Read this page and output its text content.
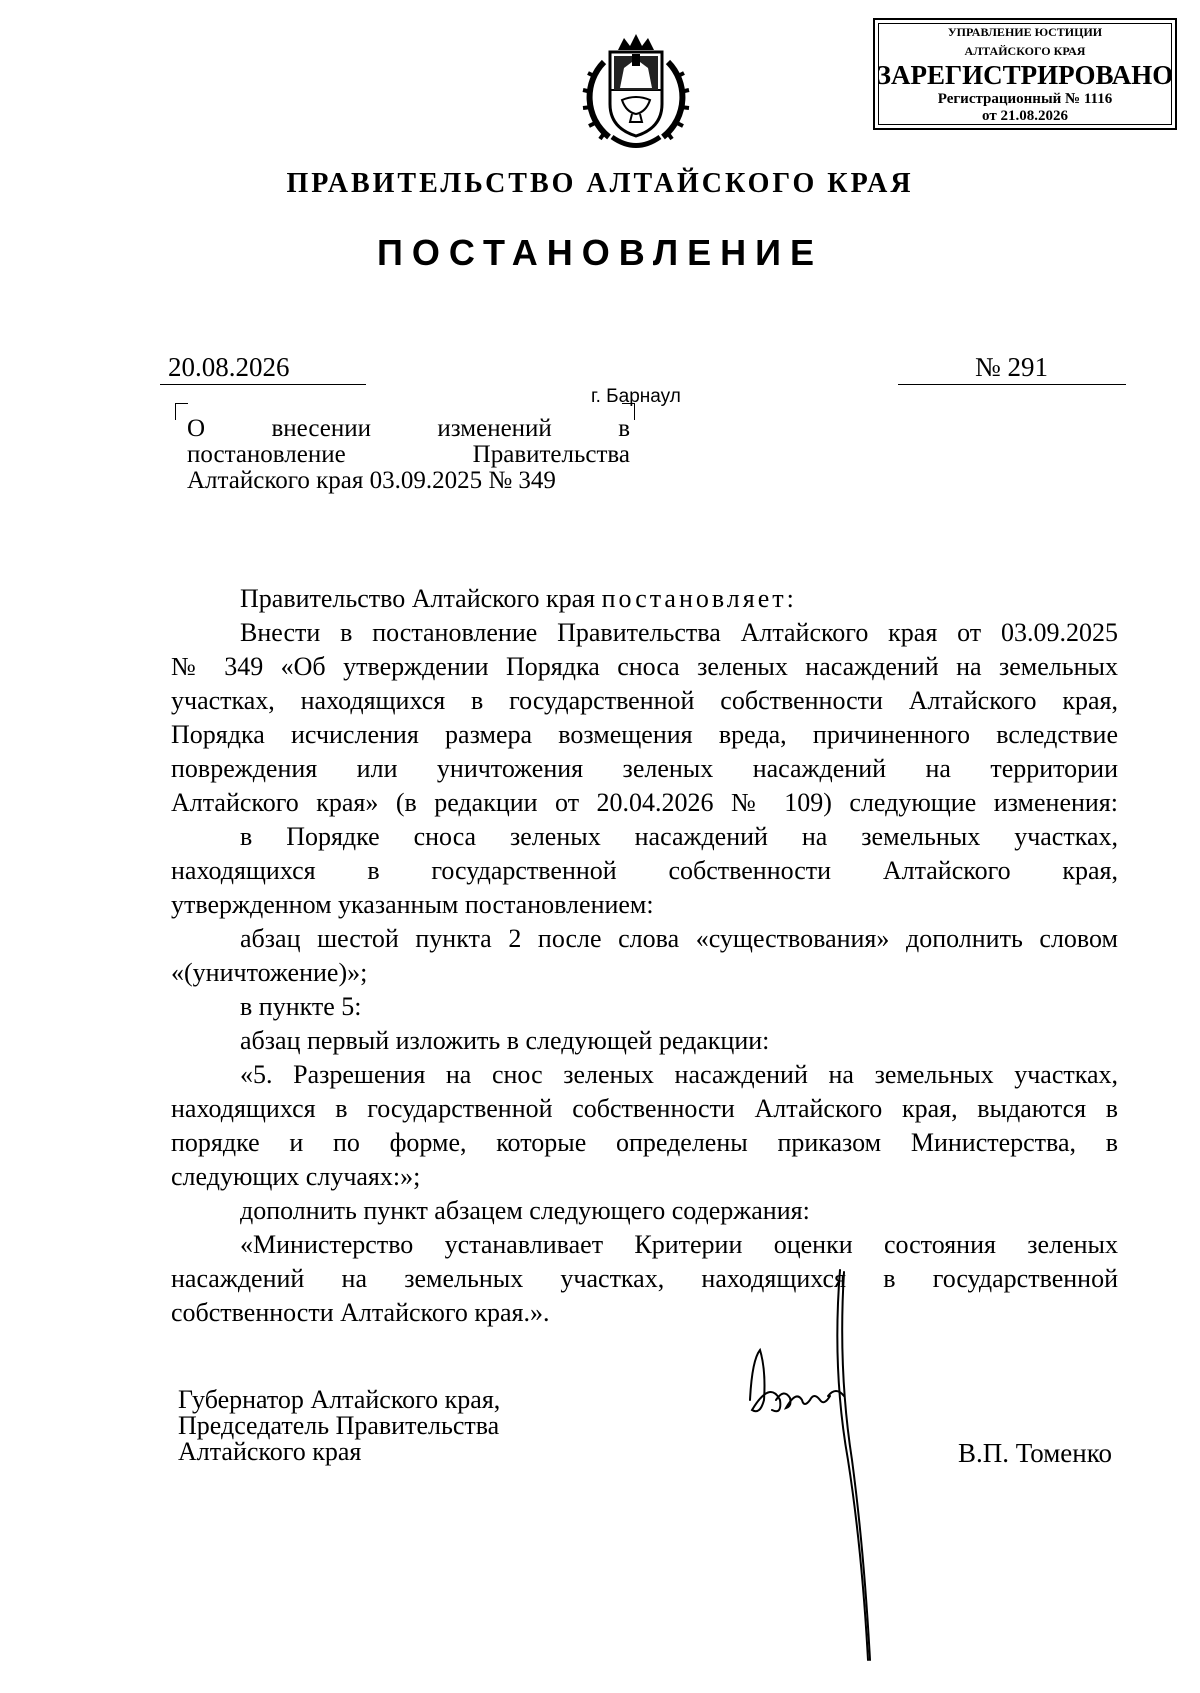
УПРАВЛЕНИЕ ЮСТИЦИИ
АЛТАЙСКОГО КРАЯ
ЗАРЕГИСТРИРОВАНО
Регистрационный № 1116
от 21.08.2026
ПРАВИТЕЛЬСТВО АЛТАЙСКОГО КРАЯ
ПОСТАНОВЛЕНИЕ
20.08.2026	№ 291
г. Барнаул
О внесении изменений в
постановление Правительства
Алтайского края 03.09.2025 № 349
Правительство Алтайского края постановляет:
Внести в постановление Правительства Алтайского края от 03.09.2025
№ 349 «Об утверждении Порядка сноса зеленых насаждений на земельных
участках, находящихся в государственной собственности Алтайского края,
Порядка исчисления размера возмещения вреда, причиненного вследствие
повреждения или уничтожения зеленых насаждений на территории
Алтайского края» (в редакции от 20.04.2026 № 109) следующие изменения:
в Порядке сноса зеленых насаждений на земельных участках,
находящихся в государственной собственности Алтайского края,
утвержденном указанным постановлением:
абзац шестой пункта 2 после слова «существования» дополнить словом
«(уничтожение)»;
в пункте 5:
абзац первый изложить в следующей редакции:
«5. Разрешения на снос зеленых насаждений на земельных участках,
находящихся в государственной собственности Алтайского края, выдаются в
порядке и по форме, которые определены приказом Министерства, в
следующих случаях:»;
дополнить пункт абзацем следующего содержания:
«Министерство устанавливает Критерии оценки состояния зеленых
насаждений на земельных участках, находящихся в государственной
собственности Алтайского края.».
Губернатор Алтайского края,
Председатель Правительства
Алтайского края	В.П. Томенко
